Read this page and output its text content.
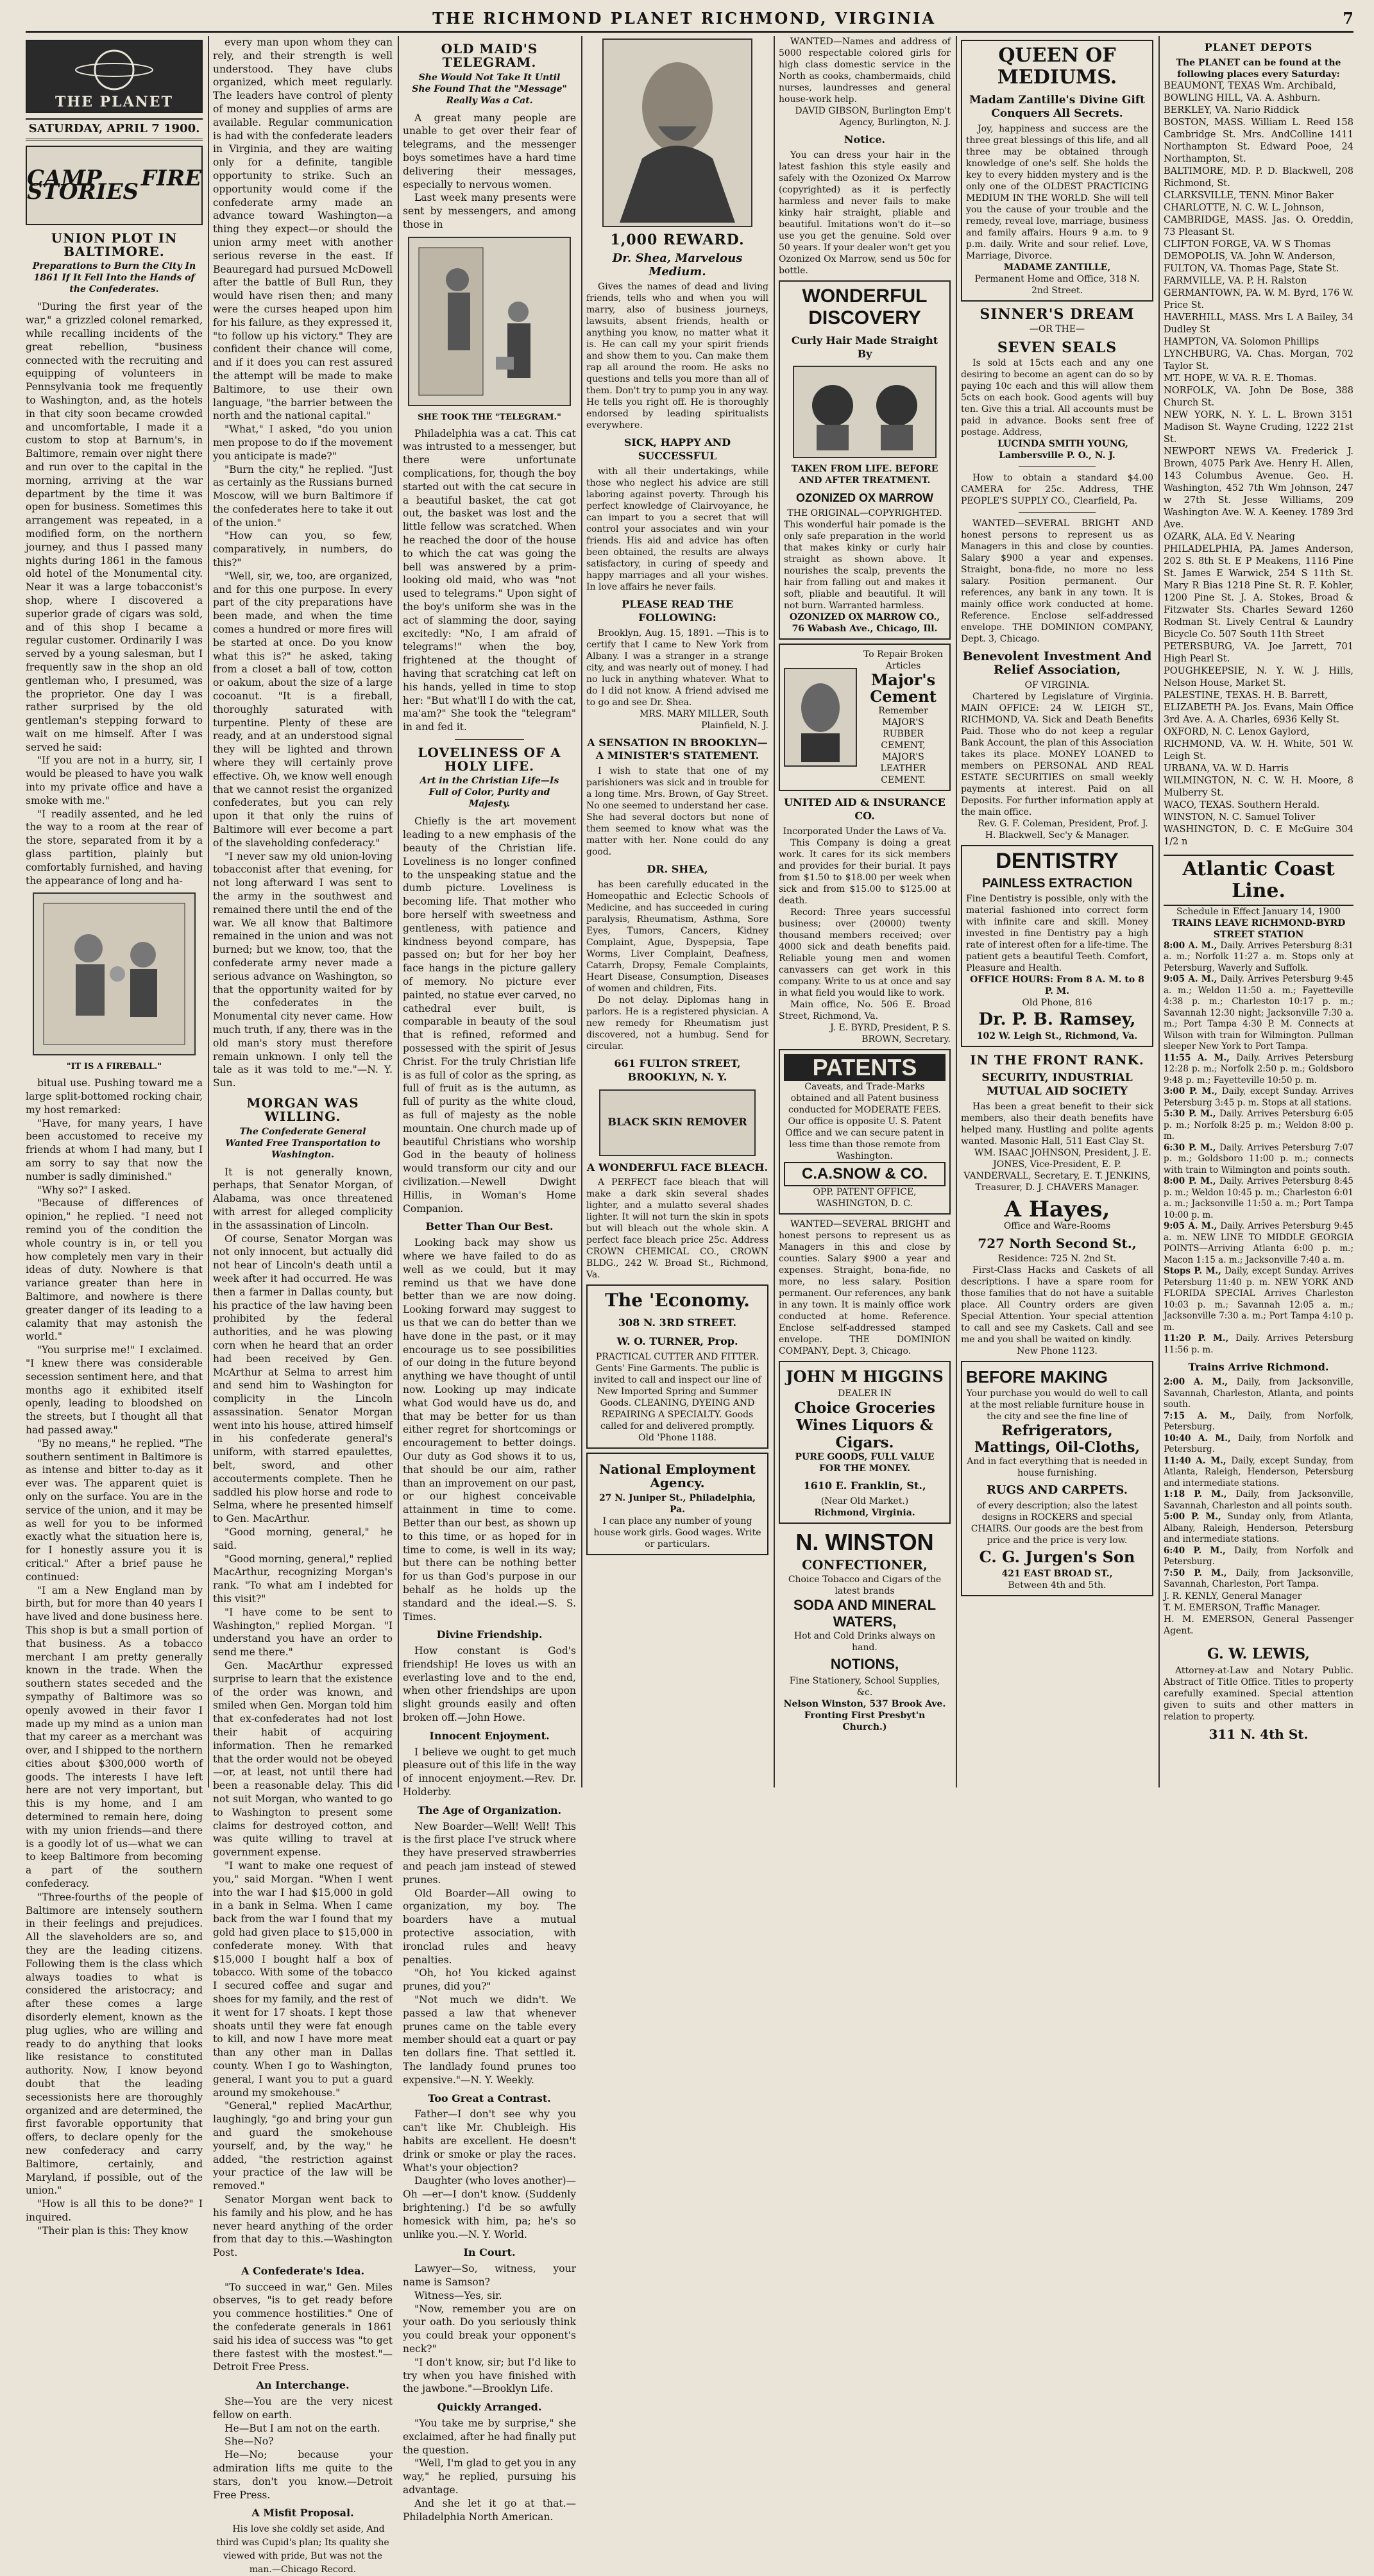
THE RICHMOND PLANET RICHMOND, VIRGINIA	7
THE PLANET
SATURDAY, APRIL 7 1900.
CAMP FIRE STORIES
UNION PLOT IN BALTIMORE.
Preparations to Burn the City In 1861 If It Fell Into the Hands of the Confederates.

"During the first year of the war," a grizzled colonel remarked, while recalling incidents of the great rebellion, "business connected with the recruiting and equipping of volunteers in Pennsylvania took me frequently to Washington, and, as the hotels in that city soon became crowded and uncomfortable, I made it a custom to stop at Barnum's, in Baltimore, remain over night there and run over to the capital in the morning, arriving at the war department by the time it was open for business. Sometimes this arrangement was repeated, in a modified form, on the northern journey, and thus I passed many nights during 1861 in the famous old hotel of the Monumental city. Near it was a large tobacconist's shop, where I discovered a superior grade of cigars was sold, and of this shop I became a regular customer. Ordinarily I was served by a young salesman, but I frequently saw in the shop an old gentleman who, I presumed, was the proprietor. One day I was rather surprised by the old gentleman's stepping forward to wait on me himself. After I was served he said:

"If you are not in a hurry, sir, I would be pleased to have you walk into my private office and have a smoke with me."

"I readily assented, and he led the way to a room at the rear of the store, separated from it by a glass partition, plainly but comfortably furnished, and having the appearance of long and ha-

"IT IS A FIREBALL."

bitual use. Pushing toward me a large split-bottomed rocking chair, my host remarked:

"Have, for many years, I have been accustomed to receive my friends at whom I had many, but I am sorry to say that now the number is sadly diminished."

"Why so?" I asked.

"Because of differences of opinion," he replied. "I need not remind you of the condition the whole country is in, or tell you how completely men vary in their ideas of duty. Nowhere is that variance greater than here in Baltimore, and nowhere is there greater danger of its leading to a calamity that may astonish the world."

"You surprise me!" I exclaimed. "I knew there was considerable secession sentiment here, and that months ago it exhibited itself openly, leading to bloodshed on the streets, but I thought all that had passed away."

"By no means," he replied. "The southern sentiment in Baltimore is as intense and bitter to-day as it ever was. The apparent quiet is only on the surface. You are in the service of the union, and it may be as well for you to be informed exactly what the situation here is, for I honestly assure you it is critical." After a brief pause he continued:

"I am a New England man by birth, but for more than 40 years I have lived and done business here. This shop is but a small portion of that business. As a tobacco merchant I am pretty generally known in the trade. When the southern states seceded and the sympathy of Baltimore was so openly avowed in their favor I made up my mind as a union man that my career as a merchant was over, and I shipped to the northern cities about $300,000 worth of goods. The interests I have left here are not very important, but this is my home, and I am determined to remain here, doing with my union friends—and there is a goodly lot of us—what we can to keep Baltimore from becoming a part of the southern confederacy.

"Three-fourths of the people of Baltimore are intensely southern in their feelings and prejudices. All the slaveholders are so, and they are the leading citizens. Following them is the class which always toadies to what is considered the aristocracy; and after these comes a large disorderly element, known as the plug uglies, who are willing and ready to do anything that looks like resistance to constituted authority. Now, I know beyond doubt that the leading secessionists here are thoroughly organized and are determined, the first favorable opportunity that offers, to declare openly for the new confederacy and carry Baltimore, certainly, and Maryland, if possible, out of the union."

"How is all this to be done?" I inquired.

"Their plan is this: They know

every man upon whom they can rely, and their strength is well understood. They have clubs organized, which meet regularly. The leaders have control of plenty of money and supplies of arms are available. Regular communication is had with the confederate leaders in Virginia, and they are waiting only for a definite, tangible opportunity to strike. Such an opportunity would come if the confederate army made an advance toward Washington—a thing they expect—or should the union army meet with another serious reverse in the east. If Beauregard had pursued McDowell after the battle of Bull Run, they would have risen then; and many were the curses heaped upon him for his failure, as they expressed it, "to follow up his victory." They are confident their chance will come, and if it does you can rest assured the attempt will be made to make Baltimore, to use their own language, "the barrier between the north and the national capital."

"What," I asked, "do you union men propose to do if the movement you anticipate is made?"

"Burn the city," he replied. "Just as certainly as the Russians burned Moscow, will we burn Baltimore if the confederates here to take it out of the union."

"How can you, so few, comparatively, in numbers, do this?"

"Well, sir, we, too, are organized, and for this one purpose. In every part of the city preparations have been made, and when the time comes a hundred or more fires will be started at once. Do you know what this is?" he asked, taking from a closet a ball of tow, cotton or oakum, about the size of a large cocoanut. "It is a fireball, thoroughly saturated with turpentine. Plenty of these are ready, and at an understood signal they will be lighted and thrown where they will certainly prove effective. Oh, we know well enough that we cannot resist the organized confederates, but you can rely upon it that only the ruins of Baltimore will ever become a part of the slaveholding confederacy."

"I never saw my old union-loving tobacconist after that evening, for not long afterward I was sent to the army in the southwest and remained there until the end of the war. We all know that Baltimore remained in the union and was not burned; but we know, too, that the confederate army never made a serious advance on Washington, so that the opportunity waited for by the confederates in the Monumental city never came. How much truth, if any, there was in the old man's story must therefore remain unknown. I only tell the tale as it was told to me."—N. Y. Sun.

MORGAN WAS WILLING.
The Confederate General Wanted Free Transportation to Washington.

It is not generally known, perhaps, that Senator Morgan, of Alabama, was once threatened with arrest for alleged complicity in the assassination of Lincoln.

Of course, Senator Morgan was not only innocent, but actually did not hear of Lincoln's death until a week after it had occurred. He was then a farmer in Dallas county, but his practice of the law having been prohibited by the federal authorities, and he was plowing corn when he heard that an order had been received by Gen. McArthur at Selma to arrest him and send him to Washington for complicity in the Lincoln assassination. Senator Morgan went into his house, attired himself in his confederate general's uniform, with starred epaulettes, belt, sword, and other accouterments complete. Then he saddled his plow horse and rode to Selma, where he presented himself to Gen. MacArthur.

"Good morning, general," he said.

"Good morning, general," replied MacArthur, recognizing Morgan's rank. "To what am I indebted for this visit?"

"I have come to be sent to Washington," replied Morgan. "I understand you have an order to send me there."

Gen. MacArthur expressed surprise to learn that the existence of the order was known, and smiled when Gen. Morgan told him that ex-confederates had not lost their habit of acquiring information. Then he remarked that the order would not be obeyed—or, at least, not until there had been a reasonable delay. This did not suit Morgan, who wanted to go to Washington to present some claims for destroyed cotton, and was quite willing to travel at government expense.

"I want to make one request of you," said Morgan. "When I went into the war I had $15,000 in gold in a bank in Selma. When I came back from the war I found that my gold had given place to $15,000 in confederate money. With that $15,000 I bought half a box of tobacco. With some of the tobacco I secured coffee and sugar and shoes for my family, and the rest of it went for 17 shoats. I kept those shoats until they were fat enough to kill, and now I have more meat than any other man in Dallas county. When I go to Washington, general, I want you to put a guard around my smokehouse."

"General," replied MacArthur, laughingly, "go and bring your gun and guard the smokehouse yourself, and, by the way," he added, "the restriction against your practice of the law will be removed."

Senator Morgan went back to his family and his plow, and he has never heard anything of the order from that day to this.—Washington Post.

A Confederate's Idea.

"To succeed in war," Gen. Miles observes, "is to get ready before you commence hostilities." One of the confederate generals in 1861 said his idea of success was "to get there fastest with the mostest."—Detroit Free Press.

An Interchange.

She—You are the very nicest fellow on earth.

He—But I am not on the earth.

She—No?

He—No; because your admiration lifts me quite to the stars, don't you know.—Detroit Free Press.

A Misfit Proposal.

His love she coldly set aside, And third was Cupid's plan; Its quality she viewed with pride, But was not the man.—Chicago Record.

OLD MAID'S TELEGRAM.
She Would Not Take It Until She Found That the "Message" Really Was a Cat.

A great many people are unable to get over their fear of telegrams, and the messenger boys sometimes have a hard time delivering their messages, especially to nervous women.

Last week many presents were sent by messengers, and among those in

SHE TOOK THE "TELEGRAM."

Philadelphia was a cat. This cat was intrusted to a messenger, but there were unfortunate complications, for, though the boy started out with the cat secure in a beautiful basket, the cat got out, the basket was lost and the little fellow was scratched. When he reached the door of the house to which the cat was going the bell was answered by a prim-looking old maid, who was "not used to telegrams." Upon sight of the boy's uniform she was in the act of slamming the door, saying excitedly: "No, I am afraid of telegrams!" when the boy, frightened at the thought of having that scratching cat left on his hands, yelled in time to stop her: "But what'll I do with the cat, ma'am?" She took the "telegram" in and fed it.

LOVELINESS OF A HOLY LIFE.
Art in the Christian Life—Is Full of Color, Purity and Majesty.

Chiefly is the art movement leading to a new emphasis of the beauty of the Christian life. Loveliness is no longer confined to the unspeaking statue and the dumb picture. Loveliness is becoming life. That mother who bore herself with sweetness and gentleness, with patience and kindness beyond compare, has passed on; but for her boy her face hangs in the picture gallery of memory. No picture ever painted, no statue ever carved, no cathedral ever built, is comparable in beauty of the soul that is refined, reformed and possessed with the spirit of Jesus Christ. For the truly Christian life is as full of color as the spring, as full of fruit as is the autumn, as full of purity as the white cloud, as full of majesty as the noble mountain. One church made up of beautiful Christians who worship God in the beauty of holiness would transform our city and our civilization.—Newell Dwight Hillis, in Woman's Home Companion.

Better Than Our Best.

Looking back may show us where we have failed to do as well as we could, but it may remind us that we have done better than we are now doing. Looking forward may suggest to us that we can do better than we have done in the past, or it may encourage us to see possibilities of our doing in the future beyond anything we have thought of until now. Looking up may indicate what God would have us do, and that may be better for us than either regret for shortcomings or encouragement to better doings. Our duty as God shows it to us, that should be our aim, rather than an improvement on our past, or our highest conceivable attainment in time to come. Better than our best, as shown up to this time, or as hoped for in time to come, is well in its way; but there can be nothing better for us than God's purpose in our behalf as he holds up the standard and the ideal.—S. S. Times.

Divine Friendship.

How constant is God's friendship! He loves us with an everlasting love and to the end, when other friendships are upon slight grounds easily and often broken off.—John Howe.

Innocent Enjoyment.

I believe we ought to get much pleasure out of this life in the way of innocent enjoyment.—Rev. Dr. Holderby.

The Age of Organization.

New Boarder—Well! Well! This is the first place I've struck where they have preserved strawberries and peach jam instead of stewed prunes.

Old Boarder—All owing to organization, my boy. The boarders have a mutual protective association, with ironclad rules and heavy penalties.

"Oh, ho! You kicked against prunes, did you?"

"Not much we didn't. We passed a law that whenever prunes came on the table every member should eat a quart or pay ten dollars fine. That settled it. The landlady found prunes too expensive."—N. Y. Weekly.

Too Great a Contrast.

Father—I don't see why you can't like Mr. Chubleigh. His habits are excellent. He doesn't drink or smoke or play the races. What's your objection?

Daughter (who loves another)—Oh —er—I don't know. (Suddenly brightening.) I'd be so awfully homesick with him, pa; he's so unlike you.—N. Y. World.

In Court.

Lawyer—So, witness, your name is Samson?

Witness—Yes, sir.

"Now, remember you are on your oath. Do you seriously think you could break your opponent's neck?"

"I don't know, sir; but I'd like to try when you have finished with the jawbone."—Brooklyn Life.

Quickly Arranged.

"You take me by surprise," she exclaimed, after he had finally put the question.

"Well, I'm glad to get you in any way," he replied, pursuing his advantage.

And she let it go at that.—Philadelphia North American.

1,000 REWARD.
Dr. Shea, Marvelous Medium.

Gives the names of dead and living friends, tells who and when you will marry, also of business journeys, lawsuits, absent friends, health or anything you know, no matter what it is. He can call my your spirit friends and show them to you. Can make them rap all around the room. He asks no questions and tells you more than all of them. Don't try to pump you in any way. He tells you right off. He is thoroughly endorsed by leading spiritualists everywhere.

SICK, HAPPY AND SUCCESSFUL

with all their undertakings, while those who neglect his advice are still laboring against poverty. Through his perfect knowledge of Clairvoyance, he can impart to you a secret that will control your associates and win your friends. His aid and advice has often been obtained, the results are always satisfactory, in curing of speedy and happy marriages and all your wishes. In love affairs he never fails.

PLEASE READ THE FOLLOWING:

Brooklyn, Aug. 15, 1891. —This is to certify that I came to New York from Albany. I was a stranger in a strange city, and was nearly out of money. I had no luck in anything whatever. What to do I did not know. A friend advised me to go and see Dr. Shea.

MRS. MARY MILLER, South Plainfield, N. J.

A SENSATION IN BROOKLYN—A MINISTER'S STATEMENT.

I wish to state that one of my parishioners was sick and in trouble for a long time. Mrs. Brown, of Gay Street. No one seemed to understand her case. She had several doctors but none of them seemed to know what was the matter with her. None could do any good.

DR. SHEA,

has been carefully educated in the Homeopathic and Eclectic Schools of Medicine, and has succeeded in curing paralysis, Rheumatism, Asthma, Sore Eyes, Tumors, Cancers, Kidney Complaint, Ague, Dyspepsia, Tape Worms, Liver Complaint, Deafness, Catarrh, Dropsy, Female Complaints, Heart Disease, Consumption, Diseases of women and children, Fits.

Do not delay. Diplomas hang in parlors. He is a registered physician. A new remedy for Rheumatism just discovered, not a humbug. Send for circular.

661 FULTON STREET, BROOKLYN, N. Y.
BLACK SKIN REMOVER
A WONDERFUL FACE BLEACH.

A PERFECT face bleach that will make a dark skin several shades lighter, and a mulatto several shades lighter. It will not turn the skin in spots but will bleach out the whole skin. A perfect face bleach price 25c. Address CROWN CHEMICAL CO., CROWN BLDG., 242 W. Broad St., Richmond, Va.

The 'Economy.
308 N. 3RD STREET.
W. O. TURNER, Prop.

PRACTICAL CUTTER AND FITTER. Gents' Fine Garments. The public is invited to call and inspect our line of New Imported Spring and Summer Goods. CLEANING, DYEING AND REPAIRING A SPECIALTY. Goods called for and delivered promptly. Old 'Phone 1188.

National Employment Agency.
27 N. Juniper St., Philadelphia, Pa.

I can place any number of young house work girls. Good wages. Write or particulars.

WANTED—Names and address of 5000 respectable colored girls for high class domestic service in the North as cooks, chambermaids, child nurses, laundresses and general house-work help.

DAVID GIBSON, Burlington Emp't Agency, Burlington, N. J.

Notice.

You can dress your hair in the latest fashion this style easily and safely with the Ozonized Ox Marrow (copyrighted) as it is perfectly harmless and never fails to make kinky hair straight, pliable and beautiful. Imitations won't do it—so use you get the genuine. Sold over 50 years. If your dealer won't get you Ozonized Ox Marrow, send us 50c for bottle.

WONDERFUL DISCOVERY
Curly Hair Made Straight By
TAKEN FROM LIFE. BEFORE AND AFTER TREATMENT.
OZONIZED OX MARROW
THE ORIGINAL—COPYRIGHTED.

This wonderful hair pomade is the only safe preparation in the world that makes kinky or curly hair straight as shown above. It nourishes the scalp, prevents the hair from falling out and makes it soft, pliable and beautiful. It will not burn. Warranted harmless.

OZONIZED OX MARROW CO., 76 Wabash Ave., Chicago, Ill.
To Repair Broken Articles
Major's Cement
Remember MAJOR'S RUBBER CEMENT, MAJOR'S LEATHER CEMENT.
UNITED AID & INSURANCE CO.
Incorporated Under the Laws of Va.

This Company is doing a great work. It cares for its sick members and provides for their burial. It pays from $1.50 to $18.00 per week when sick and from $15.00 to $125.00 at death.

Record: Three years successful business; over (20000) twenty thousand members received; over 4000 sick and death benefits paid. Reliable young men and women canvassers can get work in this company. Write to us at once and say in what field you would like to work.

Main office, No. 506 E. Broad Street, Richmond, Va.

J. E. BYRD, President, P. S. BROWN, Secretary.

PATENTS

Caveats, and Trade-Marks obtained and all Patent business conducted for MODERATE FEES. Our office is opposite U. S. Patent Office and we can secure patent in less time than those remote from Washington.

C.A.SNOW & CO.
OPP. PATENT OFFICE, WASHINGTON, D. C.

WANTED—SEVERAL BRIGHT and honest persons to represent us as Managers in this and close by counties. Salary $900 a year and expenses. Straight, bona-fide, no more, no less salary. Position permanent. Our references, any bank in any town. It is mainly office work conducted at home. Reference. Enclose self-addressed stamped envelope. THE DOMINION COMPANY, Dept. 3, Chicago.

JOHN M HIGGINS
DEALER IN
Choice Groceries Wines Liquors & Cigars.
PURE GOODS, FULL VALUE FOR THE MONEY.
1610 E. Franklin, St.,
(Near Old Market.)
Richmond, Virginia.
N. WINSTON
CONFECTIONER,
Choice Tobacco and Cigars of the latest brands
SODA AND MINERAL WATERS,
Hot and Cold Drinks always on hand.
NOTIONS,
Fine Stationery, School Supplies, &c.
Nelson Winston, 537 Brook Ave. Fronting First Presbyt'n Church.)
QUEEN OF MEDIUMS.
Madam Zantille's Divine Gift Conquers All Secrets.

Joy, happiness and success are the three great blessings of this life, and all three may be obtained through knowledge of one's self. She holds the key to every hidden mystery and is the only one of the OLDEST PRACTICING MEDIUM IN THE WORLD. She will tell you the cause of your trouble and the remedy, reveal love, marriage, business and family affairs. Hours 9 a.m. to 9 p.m. daily. Write and sour relief. Love, Marriage, Divorce.

MADAME ZANTILLE,
Permanent Home and Office, 318 N. 2nd Street.
SINNER'S DREAM
—OR THE—
SEVEN SEALS

Is sold at 15cts each and any one desiring to become an agent can do so by paying 10c each and this will allow them 5cts on each book. Good agents will buy ten. Give this a trial. All accounts must be paid in advance. Books sent free of postage. Address,

LUCINDA SMITH YOUNG, Lambersville P. O., N. J.

How to obtain a standard $4.00 CAMERA for 25c. Address, THE PEOPLE'S SUPPLY CO., Clearfield, Pa.

WANTED—SEVERAL BRIGHT AND honest persons to represent us as Managers in this and close by counties. Salary $900 a year and expenses. Straight, bona-fide, no more no less salary. Position permanent. Our references, any bank in any town. It is mainly office work conducted at home. Reference. Enclose self-addressed envelope. THE DOMINION COMPANY, Dept. 3, Chicago.

Benevolent Investment And Relief Association,
OF VIRGINIA.

Chartered by Legislature of Virginia. MAIN OFFICE: 24 W. LEIGH ST., RICHMOND, VA. Sick and Death Benefits Paid. Those who do not keep a regular Bank Account, the plan of this Association takes its place. MONEY LOANED to members on PERSONAL AND REAL ESTATE SECURITIES on small weekly payments at interest. Paid on all Deposits. For further information apply at the main office.

Rev. G. F. Coleman, President, Prof. J. H. Blackwell, Sec'y & Manager.

DENTISTRY
PAINLESS EXTRACTION

Fine Dentistry is possible, only with the material fashioned into correct form with infinite care and skill. Money invested in fine Dentistry pay a high rate of interest often for a life-time. The patient gets a beautiful Teeth. Comfort, Pleasure and Health.

OFFICE HOURS: From 8 A. M. to 8 P. M.
Old Phone, 816
Dr. P. B. Ramsey,
102 W. Leigh St., Richmond, Va.
IN THE FRONT RANK.
SECURITY, INDUSTRIAL MUTUAL AID SOCIETY

Has been a great benefit to their sick members, also their death benefits have helped many. Hustling and polite agents wanted. Masonic Hall, 511 East Clay St.

WM. ISAAC JOHNSON, President, J. E. JONES, Vice-President, E. P. VANDERVALL, Secretary, E. T. JENKINS, Treasurer, D. J. CHAVERS Manager.

A Hayes,
Office and Ware-Rooms
727 North Second St.,
Residence: 725 N. 2nd St.

First-Class Hacks and Caskets of all descriptions. I have a spare room for those families that do not have a suitable place. All Country orders are given Special Attention. Your special attention to call and see my Caskets. Call and see me and you shall be waited on kindly.

New Phone 1123.
BEFORE MAKING

Your purchase you would do well to call at the most reliable furniture house in the city and see the fine line of

Refrigerators, Mattings, Oil-Cloths,

And in fact everything that is needed in house furnishing.

RUGS AND CARPETS.

of every description; also the latest designs in ROCKERS and special CHAIRS. Our goods are the best from price and the price is very low.

C. G. Jurgen's Son
421 EAST BROAD ST.,
Between 4th and 5th.
PLANET DEPOTS
The PLANET can be found at the following places every Saturday:
BEAUMONT, TEXAS Wm. Archibald,
BOWLING HILL, VA. A. Ashburn.
BERKLEY, VA. Nario Riddick
BOSTON, MASS. William L. Reed 158 Cambridge St. Mrs. AndColline 1411 Northampton St. Edward Pooe, 24 Northampton, St.
BALTIMORE, MD. P. D. Blackwell, 208 Richmond, St.
CLARKSVILLE, TENN. Minor Baker
CHARLOTTE, N. C. W. L. Johnson,
CAMBRIDGE, MASS. Jas. O. Oreddin, 73 Pleasant St.
CLIFTON FORGE, VA. W S Thomas
DEMOPOLIS, VA. John W. Anderson,
FULTON, VA. Thomas Page, State St.
FARMVILLE, VA. P. H. Ralston
GERMANTOWN, PA. W. M. Byrd, 176 W. Price St.
HAVERHILL, MASS. Mrs L A Bailey, 34 Dudley St
HAMPTON, VA. Solomon Phillips
LYNCHBURG, VA. Chas. Morgan, 702 Taylor St.
MT. HOPE, W. VA. R. E. Thomas.
NORFOLK, VA. John De Bose, 388 Church St.
NEW YORK, N. Y. L. L. Brown 3151 Madison St. Wayne Cruding, 1222 21st St.
NEWPORT NEWS VA. Frederick J. Brown, 4075 Park Ave. Henry H. Allen, 143 Columbus Avenue. Geo. H. Washington, 452 7th Wm Johnson, 247 w 27th St. Jesse Williams, 209 Washington Ave. W. A. Keeney. 1789 3rd Ave.
OZARK, ALA. Ed V. Nearing
PHILADELPHIA, PA. James Anderson, 202 S. 8th St. E P Meakens, 1116 Pine St. James E Warwick, 254 S 11th St. Mary R Bias 1218 Pine St. R. F. Kohler, 1200 Pine St. J. A. Stokes, Broad & Fitzwater Sts. Charles Seward 1260 Rodman St. Lively Central & Laundry Bicycle Co. 507 South 11th Street
PETERSBURG, VA. Joe Jarrett, 701 High Pearl St.
POUGHKEEPSIE, N. Y. W. J. Hills, Nelson House, Market St.
PALESTINE, TEXAS. H. B. Barrett,
ELIZABETH PA. Jos. Evans, Main Office 3rd Ave. A. A. Charles, 6936 Kelly St.
OXFORD, N. C. Lenox Gaylord,
RICHMOND, VA. W. H. White, 501 W. Leigh St.
URBANA, VA. W. D. Harris
WILMINGTON, N. C. W. H. Moore, 8 Mulberry St.
WACO, TEXAS. Southern Herald.
WINSTON, N. C. Samuel Toliver
WASHINGTON, D. C. E McGuire 304 1/2 n
Atlantic Coast Line.
Schedule in Effect January 14, 1900
TRAINS LEAVE RICHMOND-BYRD STREET STATION
8:00 A. M., Daily. Arrives Petersburg 8:31 a. m.; Norfolk 11:27 a. m. Stops only at Petersburg, Waverly and Suffolk.
9:05 A. M., Daily. Arrives Petersburg 9:45 a. m.; Weldon 11:50 a. m.; Fayetteville 4:38 p. m.; Charleston 10:17 p. m.; Savannah 12:30 night; Jacksonville 7:30 a. m.; Port Tampa 4:30 P. M. Connects at Wilson with train for Wilmington. Pullman sleeper New York to Port Tampa.
11:55 A. M., Daily. Arrives Petersburg 12:28 p. m.; Norfolk 2:50 p. m.; Goldsboro 9:48 p. m.; Fayetteville 10:50 p. m.
3:00 P. M., Daily, except Sunday. Arrives Petersburg 3:45 p. m. Stops at all stations.
5:30 P. M., Daily. Arrives Petersburg 6:05 p. m.; Norfolk 8:25 p. m.; Weldon 8:00 p. m.
6:30 P. M., Daily. Arrives Petersburg 7:07 p. m.; Goldsboro 11:00 p. m.; connects with train to Wilmington and points south.
8:00 P. M., Daily. Arrives Petersburg 8:45 p. m.; Weldon 10:45 p. m.; Charleston 6:01 a. m.; Jacksonville 11:50 a. m.; Port Tampa 10:00 p. m.
9:05 A. M., Daily. Arrives Petersburg 9:45 a. m. NEW LINE TO MIDDLE GEORGIA POINTS—Arriving Atlanta 6:00 p. m.; Macon 1:15 a. m.; Jacksonville 7:40 a. m.
Stops P. M., Daily, except Sunday. Arrives Petersburg 11:40 p. m. NEW YORK AND FLORIDA SPECIAL Arrives Charleston 10:03 p. m.; Savannah 12:05 a. m.; Jacksonville 7:30 a. m.; Port Tampa 4:10 p. m.
11:20 P. M., Daily. Arrives Petersburg 11:56 p. m.
Trains Arrive Richmond.
2:00 A. M., Daily, from Jacksonville, Savannah, Charleston, Atlanta, and points south.
7:15 A. M., Daily, from Norfolk, Petersburg.
10:40 A. M., Daily, from Norfolk and Petersburg.
11:40 A. M., Daily, except Sunday, from Atlanta, Raleigh, Henderson, Petersburg and intermediate stations.
1:18 P. M., Daily, from Jacksonville, Savannah, Charleston and all points south.
5:00 P. M., Sunday only, from Atlanta, Albany, Raleigh, Henderson, Petersburg and intermediate stations.
6:40 P. M., Daily, from Norfolk and Petersburg.
7:50 P. M., Daily, from Jacksonville, Savannah, Charleston, Port Tampa.
J. R. KENLY, General Manager
T. M. EMERSON, Traffic Manager.
H. M. EMERSON, General Passenger Agent.
G. W. LEWIS,

Attorney-at-Law and Notary Public. Abstract of Title Office. Titles to property carefully examined. Special attention given to suits and other matters in relation to property.

311 N. 4th St.
